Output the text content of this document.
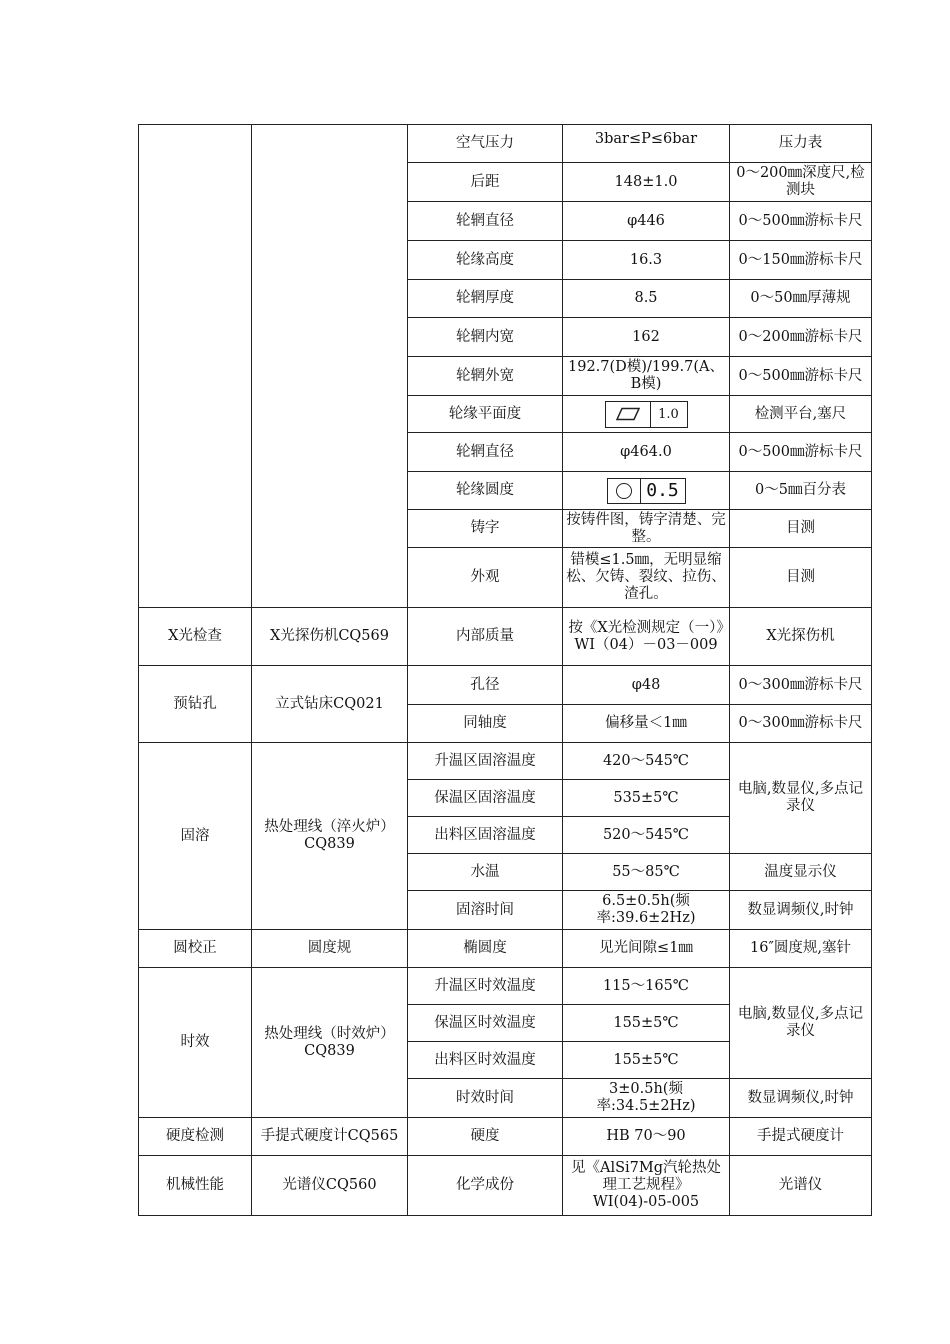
		空气压力	3bar≤P≤6bar	压力表
		后距	148±1.0	0～200㎜深度尺,检测块
		轮辋直径	φ446	0～500㎜游标卡尺
		轮缘高度	16.3	0～150㎜游标卡尺
		轮辋厚度	8.5	0～50㎜厚薄规
		轮辋内宽	162	0～200㎜游标卡尺
		轮辋外宽	192.7(D模)/199.7(A、B模)	0～500㎜游标卡尺
		轮缘平面度	1.0	检测平台,塞尺
		轮辋直径	φ464.0	0～500㎜游标卡尺
		轮缘圆度	0.5	0～5㎜百分表
		铸字	按铸件图，铸字清楚、完整。	目测
		外观	错模≤1.5㎜，无明显缩松、欠铸、裂纹、拉伤、渣孔。	目测
X光检查	X光探伤机CQ569	内部质量	按《X光检测规定（一）》WI（04）－03－009	X光探伤机
预钻孔	立式钻床CQ021	孔径	φ48	0～300㎜游标卡尺
		同轴度	偏移量＜1㎜	0～300㎜游标卡尺
固溶	热处理线（淬火炉）CQ839	升温区固溶温度	420～545℃	电脑,数显仪,多点记录仪
		保温区固溶温度	535±5℃	
		出料区固溶温度	520～545℃	
		水温	55～85℃	温度显示仪
		固溶时间	6.5±0.5h(频率:39.6±2Hz)	数显调频仪,时钟
圆校正	圆度规	椭圆度	见光间隙≤1㎜	16″圆度规,塞针
时效	热处理线（时效炉）CQ839	升温区时效温度	115～165℃	电脑,数显仪,多点记录仪
		保温区时效温度	155±5℃	
		出料区时效温度	155±5℃	
		时效时间	3±0.5h(频率:34.5±2Hz)	数显调频仪,时钟
硬度检测	手提式硬度计CQ565	硬度	HB 70～90	手提式硬度计
机械性能	光谱仪CQ560	化学成份	见《AlSi7Mg汽轮热处理工艺规程》WI(04)-05-005	光谱仪
